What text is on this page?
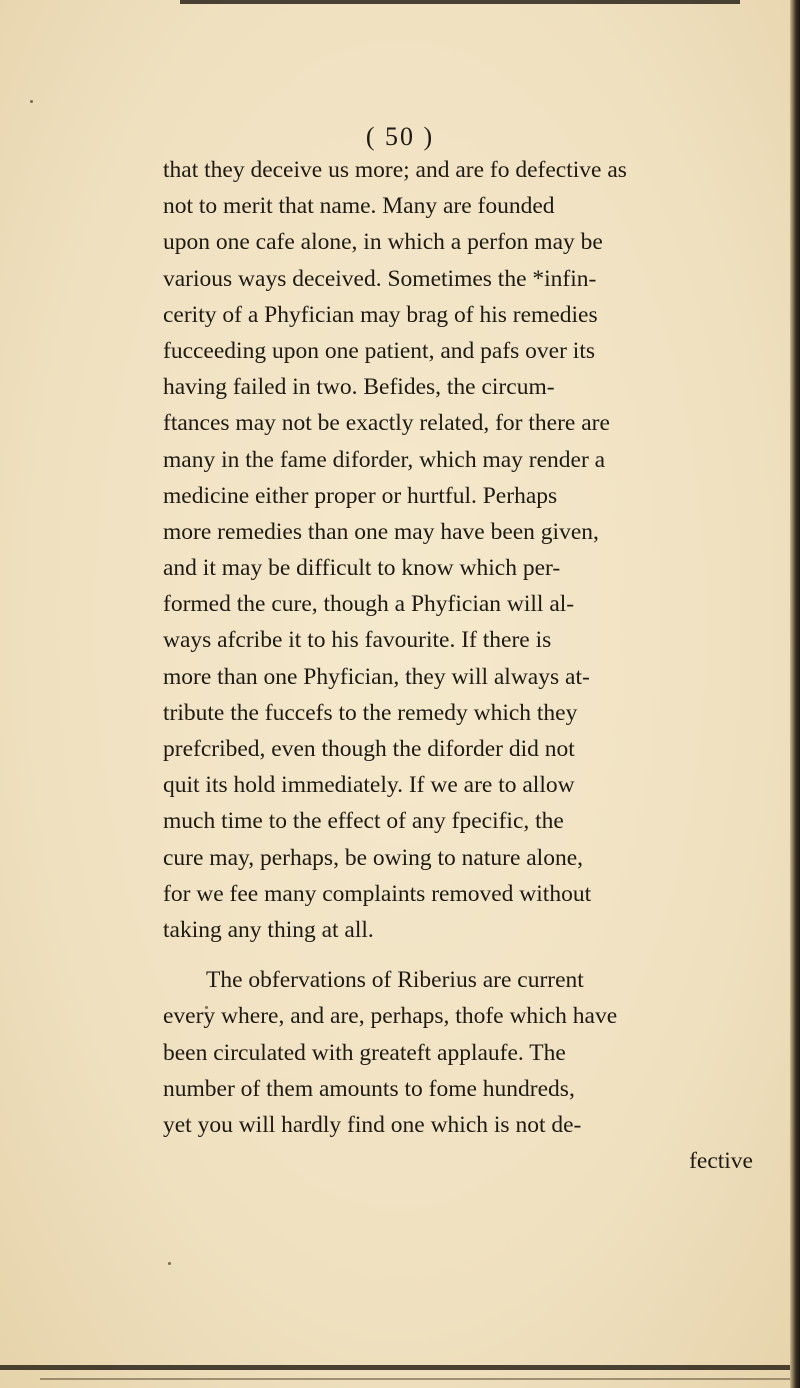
( 50 )
that they deceive us more; and are fo defective as
not to merit that name. Many are founded
upon one cafe alone, in which a perfon may be
various ways deceived. Sometimes the *infin-
cerity of a Phyfician may brag of his remedies
fucceeding upon one patient, and pafs over its
having failed in two. Befides, the circum-
ftances may not be exactly related, for there are
many in the fame diforder, which may render a
medicine either proper or hurtful. Perhaps
more remedies than one may have been given,
and it may be difficult to know which per-
formed the cure, though a Phyfician will al-
ways afcribe it to his favourite. If there is
more than one Phyfician, they will always at-
tribute the fuccefs to the remedy which they
prefcribed, even though the diforder did not
quit its hold immediately. If we are to allow
much time to the effect of any fpecific, the
cure may, perhaps, be owing to nature alone,
for we fee many complaints removed without
taking any thing at all.
The obfervations of Riberius are current
every where, and are, perhaps, thofe which have
been circulated with greateft applaufe. The
number of them amounts to fome hundreds,
yet you will hardly find one which is not de-
fective
